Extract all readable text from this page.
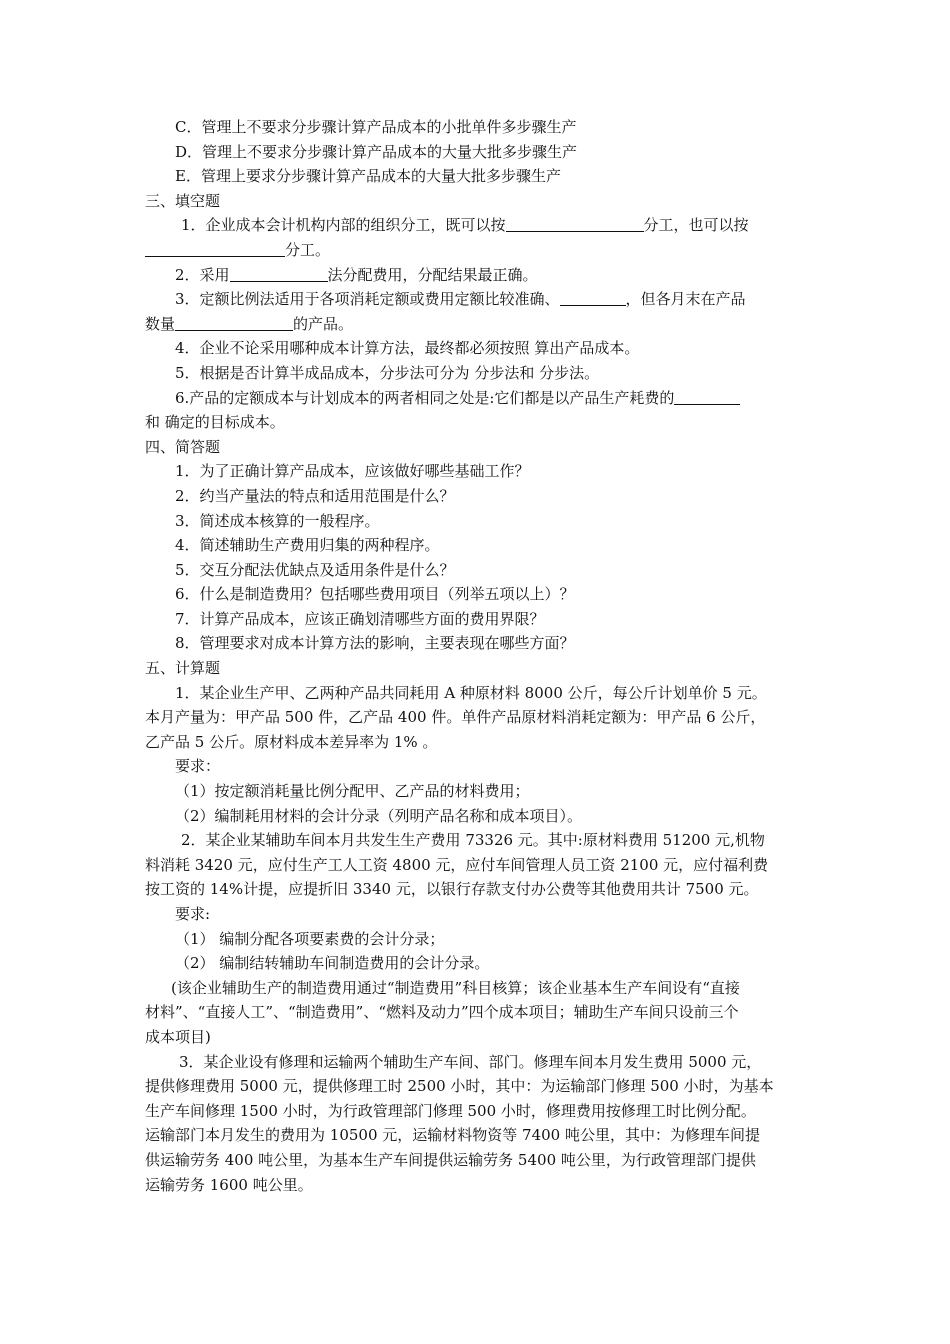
C．管理上不要求分步骤计算产品成本的小批单件多步骤生产
D．管理上不要求分步骤计算产品成本的大量大批多步骤生产
E．管理上要求分步骤计算产品成本的大量大批多步骤生产
三、填空题
1．企业成本会计机构内部的组织分工，既可以按	分工，也可以按
分工。
2．采用	法分配费用，分配结果最正确。
3．定额比例法适用于各项消耗定额或费用定额比较准确、	，但各月末在产品
数量	的产品。
4．企业不论采用哪种成本计算方法，最终都必须按照 算出产品成本。
5．根据是否计算半成品成本，分步法可分为 分步法和 分步法。
6.产品的定额成本与计划成本的两者相同之处是:它们都是以产品生产耗费的
和 确定的目标成本。
四、简答题
1．为了正确计算产品成本，应该做好哪些基础工作？
2．约当产量法的特点和适用范围是什么？
3．简述成本核算的一般程序。
4．简述辅助生产费用归集的两种程序。
5．交互分配法优缺点及适用条件是什么？
6．什么是制造费用？包括哪些费用项目（列举五项以上）？
7．计算产品成本，应该正确划清哪些方面的费用界限？
8．管理要求对成本计算方法的影响，主要表现在哪些方面？
五、计算题
1．某企业生产甲、乙两种产品共同耗用 A 种原材料 8000 公斤，每公斤计划单价 5 元。
本月产量为：甲产品 500 件，乙产品 400 件。单件产品原材料消耗定额为：甲产品 6 公斤，
乙产品 5 公斤。原材料成本差异率为 1% 。
要求：
（1）按定额消耗量比例分配甲、乙产品的材料费用；
（2）编制耗用材料的会计分录（列明产品名称和成本项目）。
2．某企业某辅助车间本月共发生生产费用 73326 元。其中:原材料费用 51200 元,机物
料消耗 3420 元，应付生产工人工资 4800 元，应付车间管理人员工资 2100 元，应付福利费
按工资的 14%计提，应提折旧 3340 元，以银行存款支付办公费等其他费用共计 7500 元。
要求:
（1） 编制分配各项要素费的会计分录；
（2） 编制结转辅助车间制造费用的会计分录。
(该企业辅助生产的制造费用通过“制造费用”科目核算；该企业基本生产车间设有“直接
材料”、“直接人工”、“制造费用”、“燃料及动力”四个成本项目；辅助生产车间只设前三个
成本项目)
3．某企业设有修理和运输两个辅助生产车间、部门。修理车间本月发生费用 5000 元，
提供修理费用 5000 元，提供修理工时 2500 小时，其中：为运输部门修理 500 小时，为基本
生产车间修理 1500 小时，为行政管理部门修理 500 小时，修理费用按修理工时比例分配。
运输部门本月发生的费用为 10500 元，运输材料物资等 7400 吨公里，其中：为修理车间提
供运输劳务 400 吨公里，为基本生产车间提供运输劳务 5400 吨公里，为行政管理部门提供
运输劳务 1600 吨公里。
